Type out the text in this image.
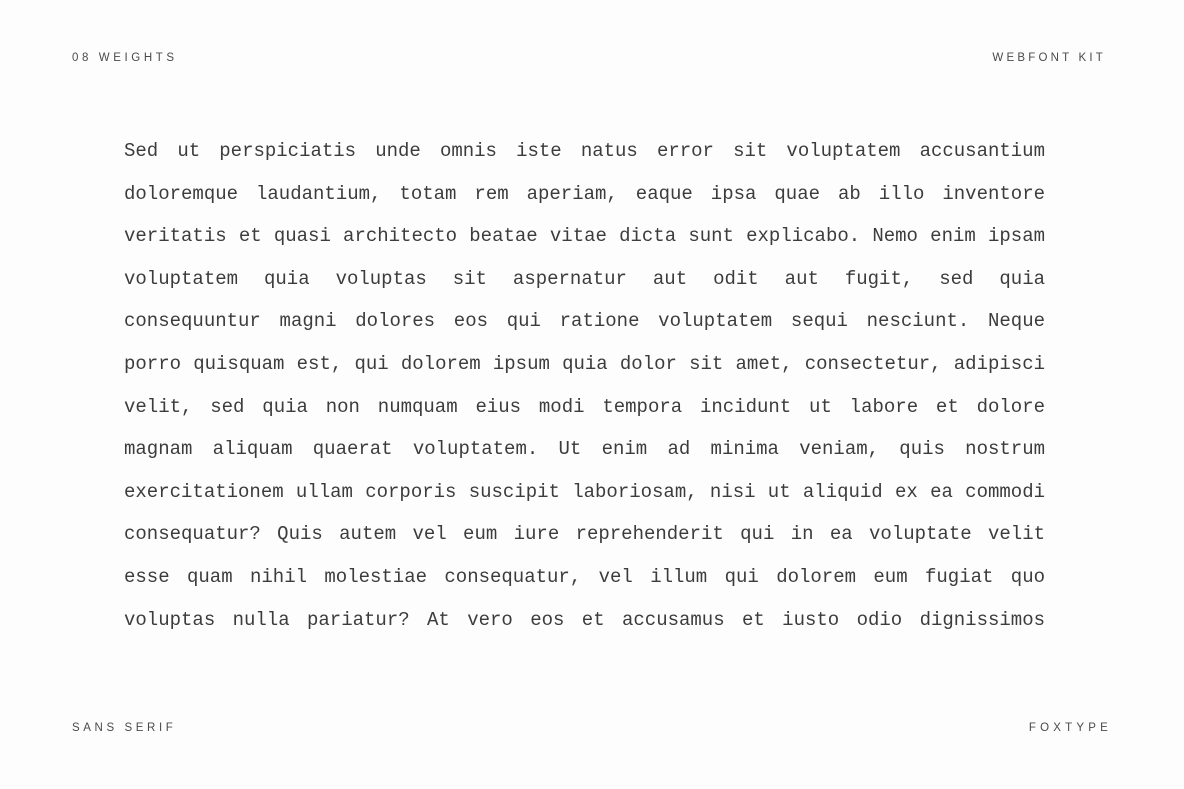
08 WEIGHTS	WEBFONT KIT
Sed ut perspiciatis unde omnis iste natus error sit voluptatem accusantium
doloremque laudantium, totam rem aperiam, eaque ipsa quae ab illo inventore
veritatis et quasi architecto beatae vitae dicta sunt explicabo. Nemo enim ipsam
voluptatem quia voluptas sit aspernatur aut odit aut fugit, sed quia
consequuntur magni dolores eos qui ratione voluptatem sequi nesciunt. Neque
porro quisquam est, qui dolorem ipsum quia dolor sit amet, consectetur, adipisci
velit, sed quia non numquam eius modi tempora incidunt ut labore et dolore
magnam aliquam quaerat voluptatem. Ut enim ad minima veniam, quis nostrum
exercitationem ullam corporis suscipit laboriosam, nisi ut aliquid ex ea commodi
consequatur? Quis autem vel eum iure reprehenderit qui in ea voluptate velit
esse quam nihil molestiae consequatur, vel illum qui dolorem eum fugiat quo
voluptas nulla pariatur? At vero eos et accusamus et iusto odio dignissimos
SANS SERIF	FOXTYPE
